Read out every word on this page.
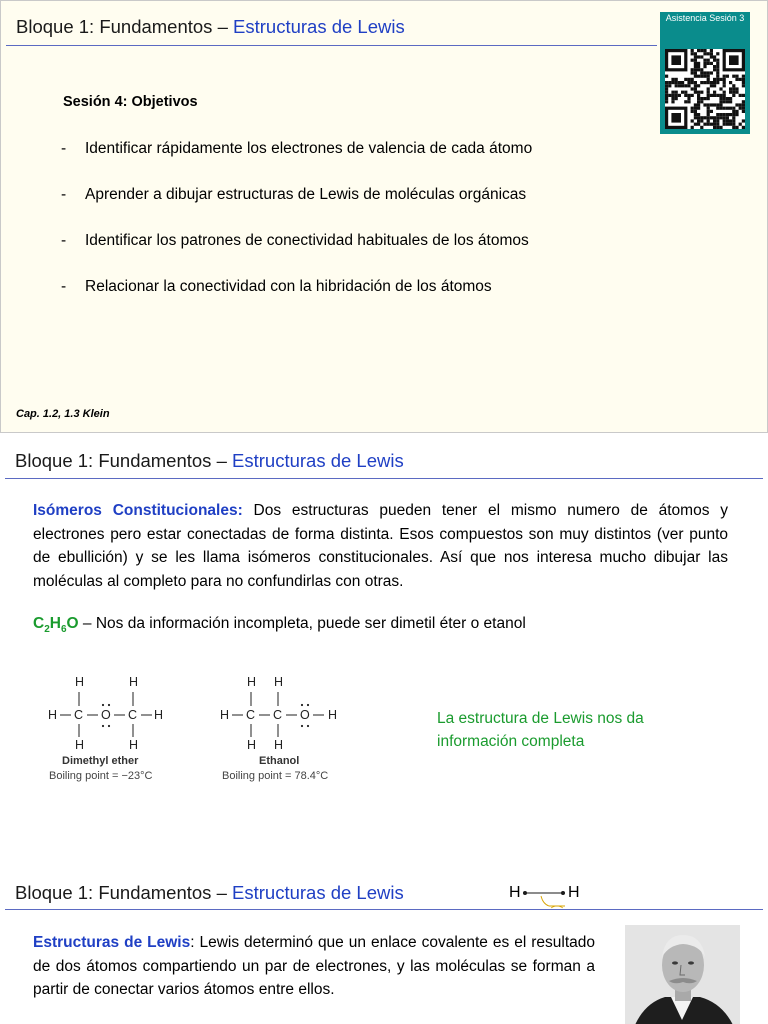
Bloque 1: Fundamentos – Estructuras de Lewis	Asistencia Sesión 3
Sesión 4: Objetivos
- Identificar rápidamente los electrones de valencia de cada átomo
- Aprender a dibujar estructuras de Lewis de moléculas orgánicas
- Identificar los patrones de conectividad habituales de los átomos
- Relacionar la conectividad con la hibridación de los átomos
Cap. 1.2, 1.3 Klein
Bloque 1: Fundamentos – Estructuras de Lewis
Isómeros Constitucionales: Dos estructuras pueden tener el mismo numero de átomos y electrones pero estar conectadas de forma distinta. Esos compuestos son muy distintos (ver punto de ebullición) y se les llama isómeros constitucionales. Así que nos interesa mucho dibujar las moléculas al completo para no confundirlas con otras.
$C_2H_6O$ – Nos da información incompleta, puede ser dimetil éter o etanol
H	H
H C O C H
H	H
Dimethyl ether
Boiling point = −23°C
H H
H C C O H
H H
Ethanol
Boiling point = 78.4°C
La estructura de Lewis nos da información completa
Bloque 1: Fundamentos – Estructuras de Lewis	H	H
Estructuras de Lewis: Lewis determinó que un enlace covalente es el resultado de dos átomos compartiendo un par de electrones, y las moléculas se forman a partir de conectar varios átomos entre ellos.
